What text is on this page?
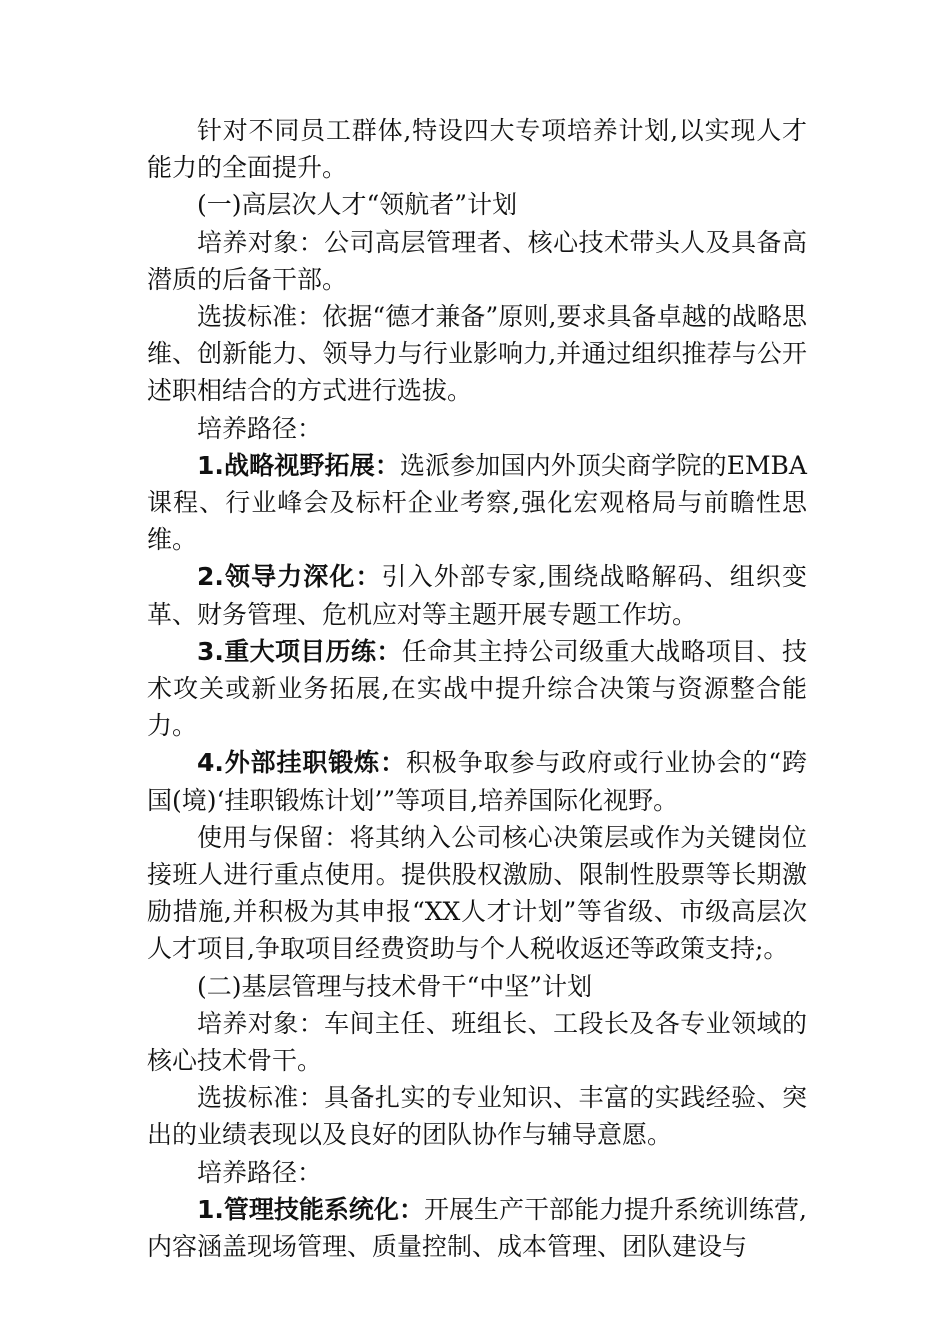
针对不同员工群体,特设四大专项培养计划,以实现人才能力的全面提升。

(一)高层次人才“领航者”计划

培养对象：公司高层管理者、核心技术带头人及具备高潜质的后备干部。

选拔标准：依据“德才兼备”原则,要求具备卓越的战略思维、创新能力、领导力与行业影响力,并通过组织推荐与公开述职相结合的方式进行选拔。

培养路径：

1.战略视野拓展：选派参加国内外顶尖商学院的EMBA课程、行业峰会及标杆企业考察,强化宏观格局与前瞻性思维。

2.领导力深化：引入外部专家,围绕战略解码、组织变革、财务管理、危机应对等主题开展专题工作坊。

3.重大项目历练：任命其主持公司级重大战略项目、技术攻关或新业务拓展,在实战中提升综合决策与资源整合能力。

4.外部挂职锻炼：积极争取参与政府或行业协会的“跨国(境)‘挂职锻炼计划’”等项目,培养国际化视野。

使用与保留：将其纳入公司核心决策层或作为关键岗位接班人进行重点使用。提供股权激励、限制性股票等长期激励措施,并积极为其申报“XX人才计划”等省级、市级高层次人才项目,争取项目经费资助与个人税收返还等政策支持;。

(二)基层管理与技术骨干“中坚”计划

培养对象：车间主任、班组长、工段长及各专业领域的核心技术骨干。

选拔标准：具备扎实的专业知识、丰富的实践经验、突出的业绩表现以及良好的团队协作与辅导意愿。

培养路径：

1.管理技能系统化：开展生产干部能力提升系统训练营,内容涵盖现场管理、质量控制、成本管理、团队建设与
